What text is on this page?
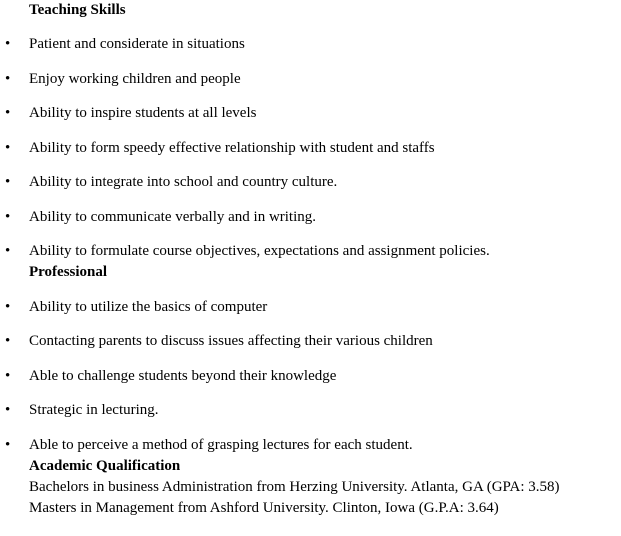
Teaching Skills
•	Patient and considerate in situations
•	Enjoy working children and people
•	Ability to inspire students at all levels
•	Ability to form speedy effective relationship with student and staffs
•	Ability to integrate into school and country culture.
•	Ability to communicate verbally and in writing.
•	Ability to formulate course objectives, expectations and assignment policies.
Professional
•	Ability to utilize the basics of computer
•	Contacting parents to discuss issues affecting their various children
•	Able to challenge students beyond their knowledge
•	Strategic in lecturing.
•	Able to perceive a method of grasping lectures for each student.
Academic Qualification
Bachelors in business Administration from Herzing University. Atlanta, GA (GPA: 3.58)
Masters in Management from Ashford University. Clinton, Iowa (G.P.A: 3.64)
